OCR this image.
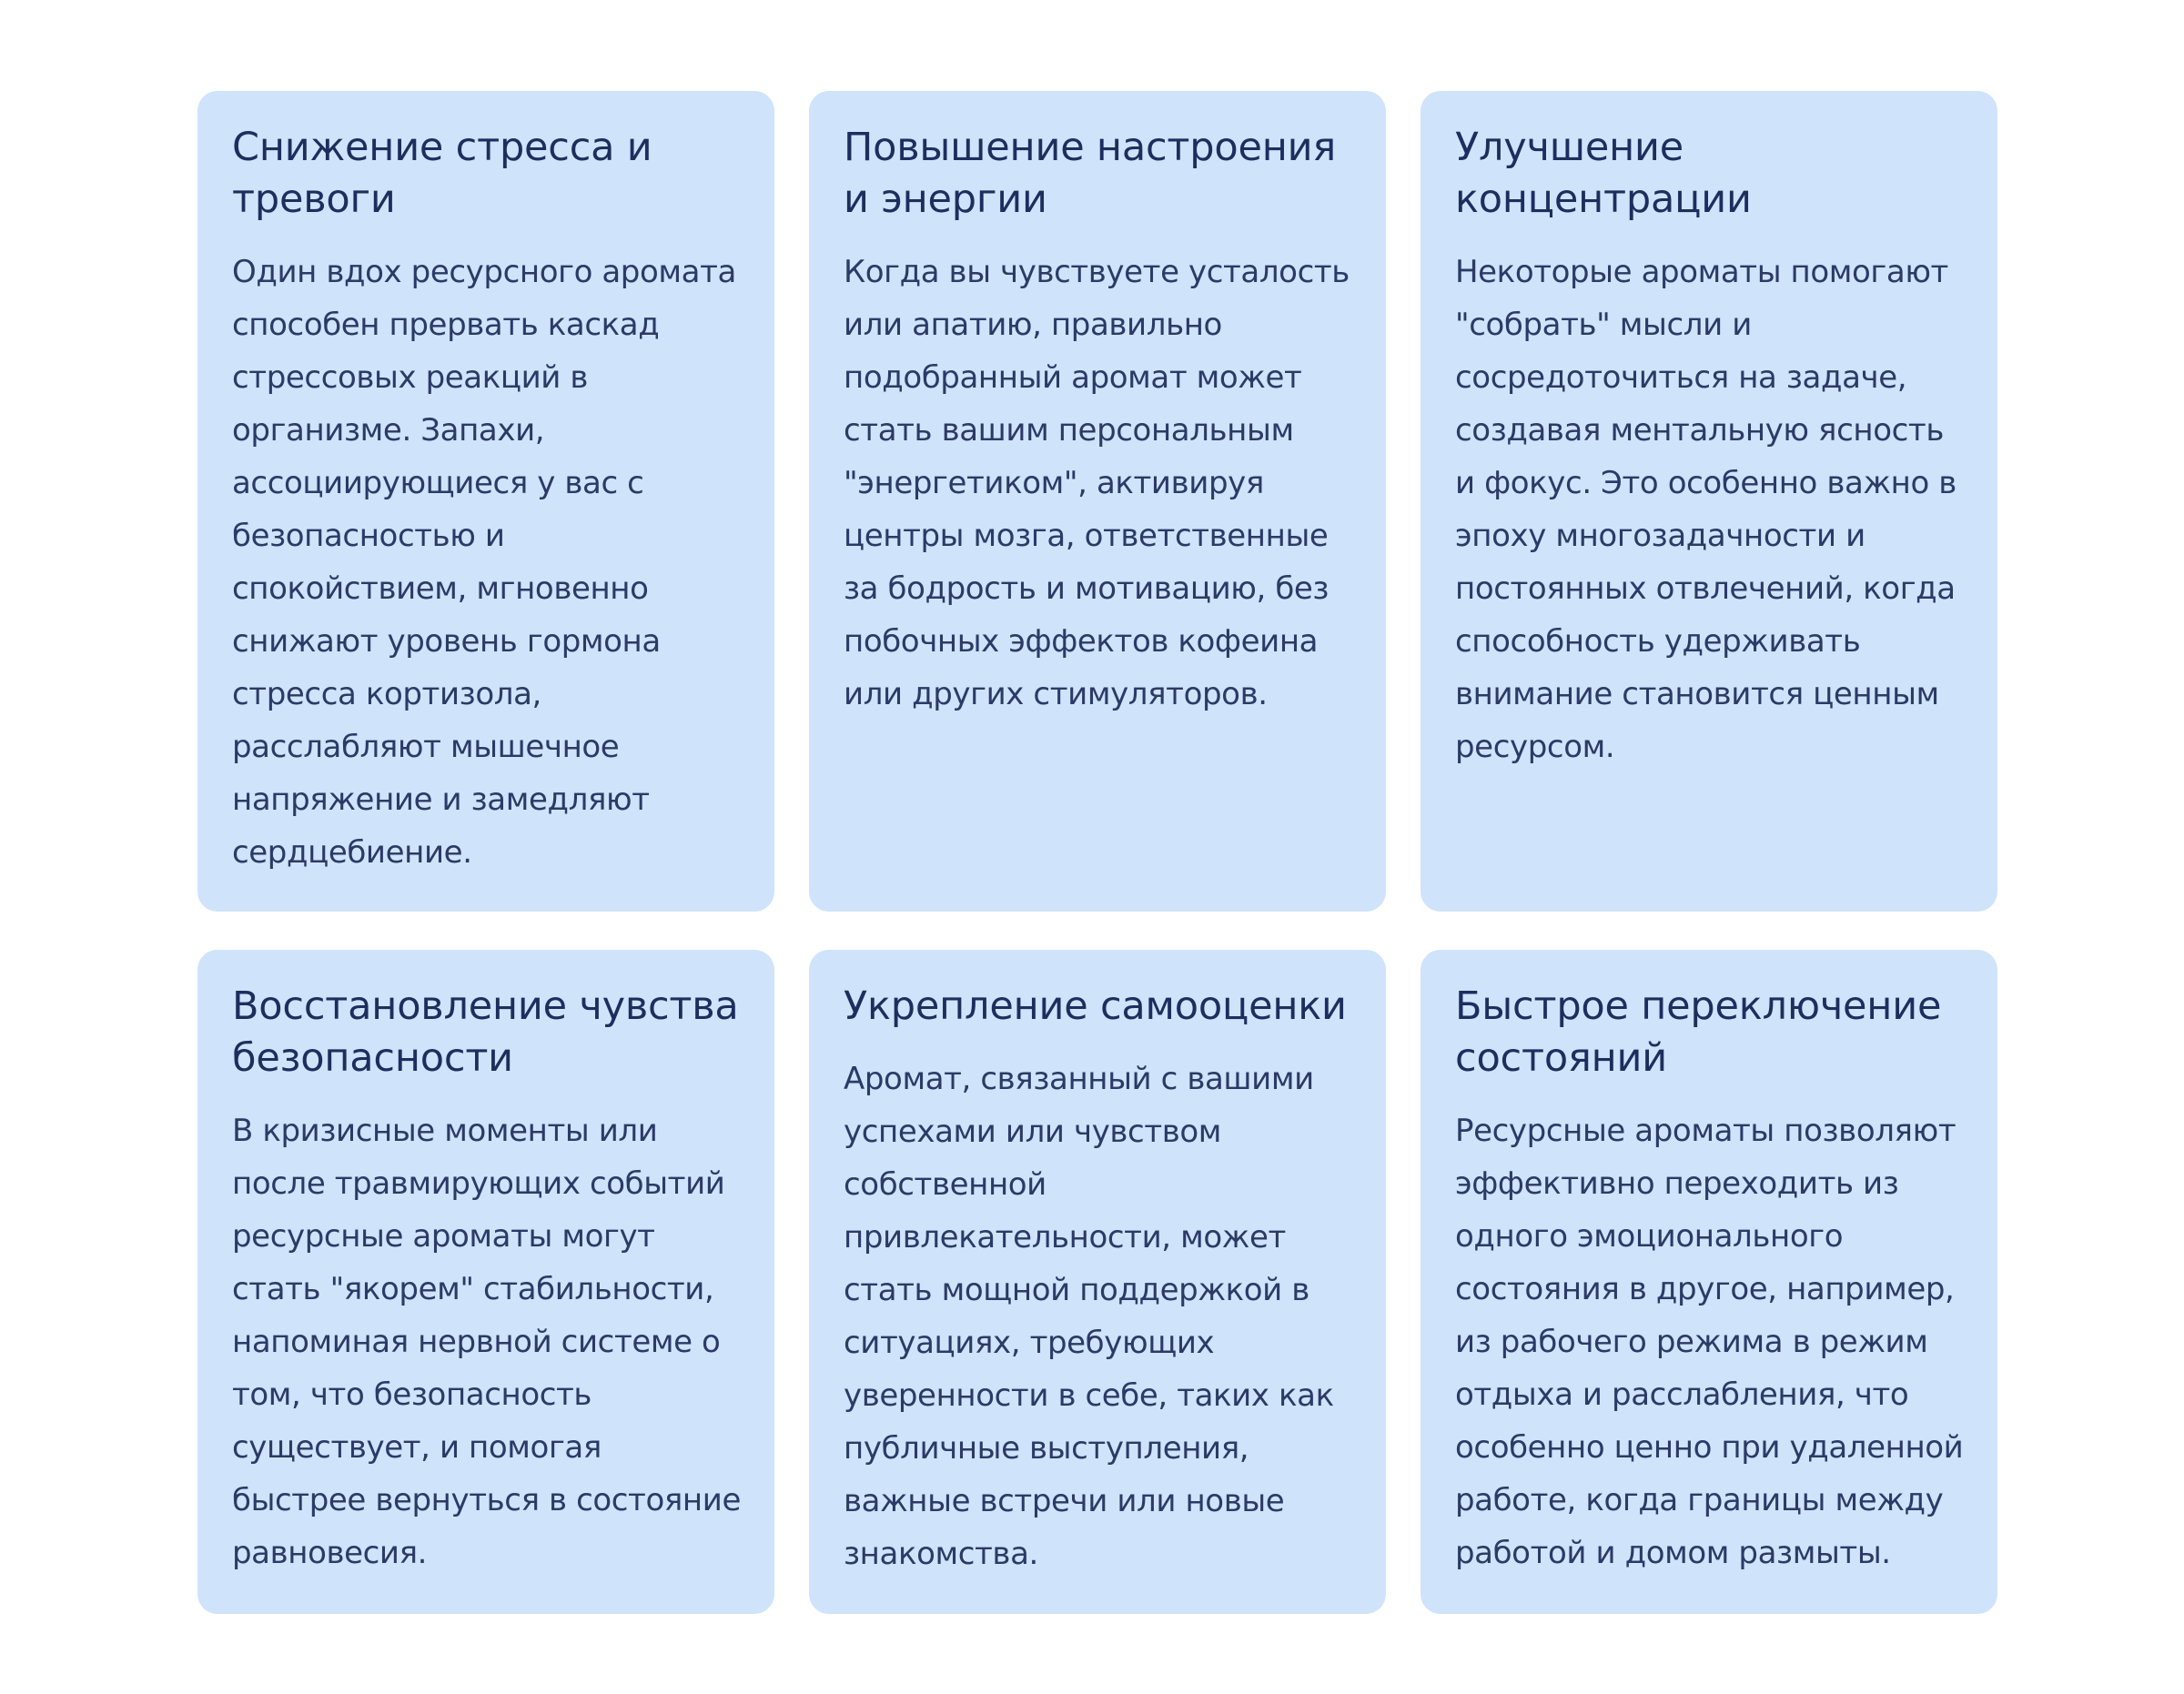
Снижение стресса и тревоги

Один вдох ресурсного аромата способен прервать каскад стрессовых реакций в организме. Запахи, ассоциирующиеся у вас с безопасностью и спокойствием, мгновенно снижают уровень гормона стресса кортизола, расслабляют мышечное напряжение и замедляют сердцебиение.

Повышение настроения и энергии

Когда вы чувствуете усталость или апатию, правильно подобранный аромат может стать вашим персональным "энергетиком", активируя центры мозга, ответственные за бодрость и мотивацию, без побочных эффектов кофеина или других стимуляторов.

Улучшение концентрации

Некоторые ароматы помогают "собрать" мысли и сосредоточиться на задаче, создавая ментальную ясность и фокус. Это особенно важно в эпоху многозадачности и постоянных отвлечений, когда способность удерживать внимание становится ценным ресурсом.

Восстановление чувства безопасности

В кризисные моменты или после травмирующих событий ресурсные ароматы могут стать "якорем" стабильности, напоминая нервной системе о том, что безопасность существует, и помогая быстрее вернуться в состояние равновесия.

Укрепление самооценки

Аромат, связанный с вашими успехами или чувством собственной привлекательности, может стать мощной поддержкой в ситуациях, требующих уверенности в себе, таких как публичные выступления, важные встречи или новые знакомства.

Быстрое переключение состояний

Ресурсные ароматы позволяют эффективно переходить из одного эмоционального состояния в другое, например, из рабочего режима в режим отдыха и расслабления, что особенно ценно при удаленной работе, когда границы между работой и домом размыты.
